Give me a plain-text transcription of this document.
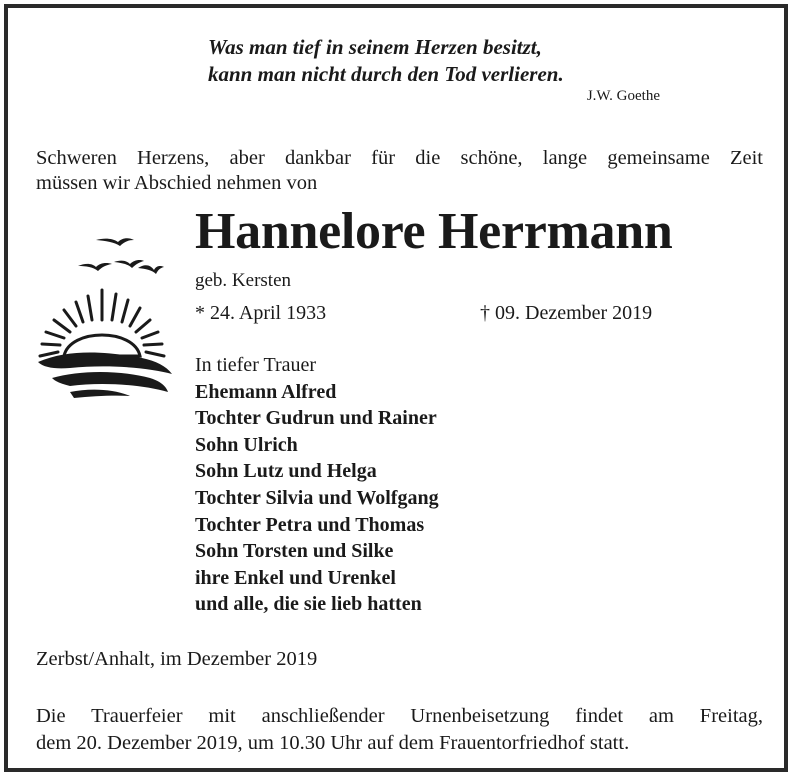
Was man tief in seinem Herzen besitzt,
kann man nicht durch den Tod verlieren.
J.W. Goethe
Schweren Herzens, aber dankbar für die schöne, lange gemeinsame Zeit
müssen wir Abschied nehmen von
Hannelore Herrmann
geb. Kersten
* 24. April 1933	† 09. Dezember 2019
In tiefer Trauer
Ehemann Alfred
Tochter Gudrun und Rainer
Sohn Ulrich
Sohn Lutz und Helga
Tochter Silvia und Wolfgang
Tochter Petra und Thomas
Sohn Torsten und Silke
ihre Enkel und Urenkel
und alle, die sie lieb hatten
Zerbst/Anhalt, im Dezember 2019
Die Trauerfeier mit anschließender Urnenbeisetzung findet am Freitag,
dem 20. Dezember 2019, um 10.30 Uhr auf dem Frauentorfriedhof statt.
